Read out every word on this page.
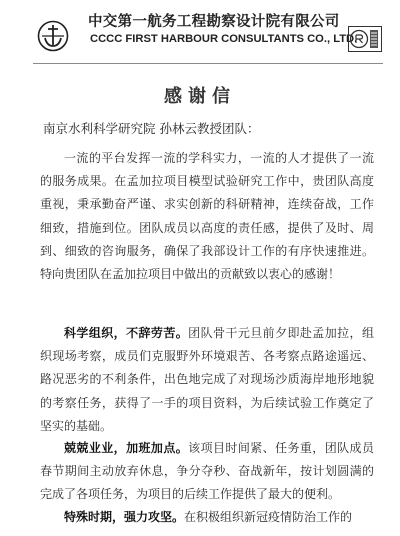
中交第一航务工程勘察设计院有限公司
CCCC FIRST HARBOUR CONSULTANTS CO., LTD.
感谢信
南京水利科学研究院 孙林云教授团队：
一流的平台发挥一流的学科实力，一流的人才提供了一流的服务成果。在孟加拉项目模型试验研究工作中，贵团队高度重视，秉承勤奋严谨、求实创新的科研精神，连续奋战，工作细致，措施到位。团队成员以高度的责任感，提供了及时、周到、细致的咨询服务，确保了我部设计工作的有序快速推进。特向贵团队在孟加拉项目中做出的贡献致以衷心的感谢！
科学组织，不辞劳苦。团队骨干元旦前夕即赴孟加拉，组织现场考察，成员们克服野外环境艰苦、各考察点路途遥远、路况恶劣的不利条件，出色地完成了对现场沙质海岸地形地貌的考察任务，获得了一手的项目资料，为后续试验工作奠定了坚实的基础。
兢兢业业，加班加点。该项目时间紧、任务重，团队成员春节期间主动放弃休息，争分夺秒、奋战新年，按计划圆满的完成了各项任务，为项目的后续工作提供了最大的便利。
特殊时期，强力攻坚。在积极组织新冠疫情防治工作的
